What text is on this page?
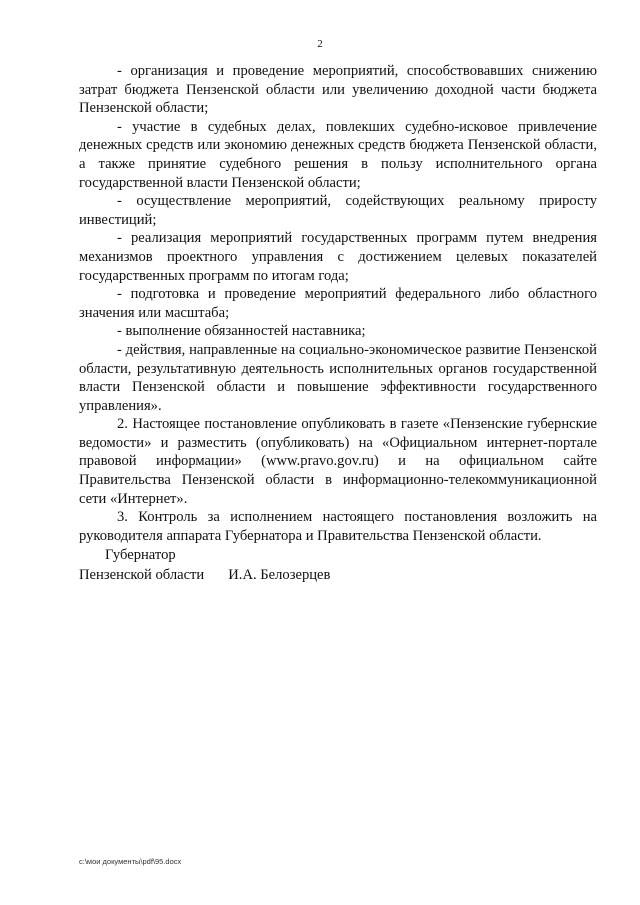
2

- организация и проведение мероприятий, способствовавших снижению затрат бюджета Пензенской области или увеличению доходной части бюджета Пензенской области;

- участие в судебных делах, повлекших судебно-исковое привлечение денежных средств или экономию денежных средств бюджета Пензенской области, а также принятие судебного решения в пользу исполнительного органа государственной власти Пензенской области;

- осуществление мероприятий, содействующих реальному приросту инвестиций;

- реализация мероприятий государственных программ путем внедрения механизмов проектного управления с достижением целевых показателей государственных программ по итогам года;

- подготовка и проведение мероприятий федерального либо областного значения или масштаба;

- выполнение обязанностей наставника;

- действия, направленные на социально-экономическое развитие Пензенской области, результативную деятельность исполнительных органов государственной власти Пензенской области и повышение эффективности государственного управления».

2. Настоящее постановление опубликовать в газете «Пензенские губернские ведомости» и разместить (опубликовать) на «Официальном интернет-портале правовой информации» (www.pravo.gov.ru) и на официальном сайте Правительства Пензенской области в информационно-телекоммуникационной сети «Интернет».

3. Контроль за исполнением настоящего постановления возложить на руководителя аппарата Губернатора и Правительства Пензенской области.

Губернатор
Пензенской области И.А. Белозерцев
c:\мои документы\pdf\95.docx
